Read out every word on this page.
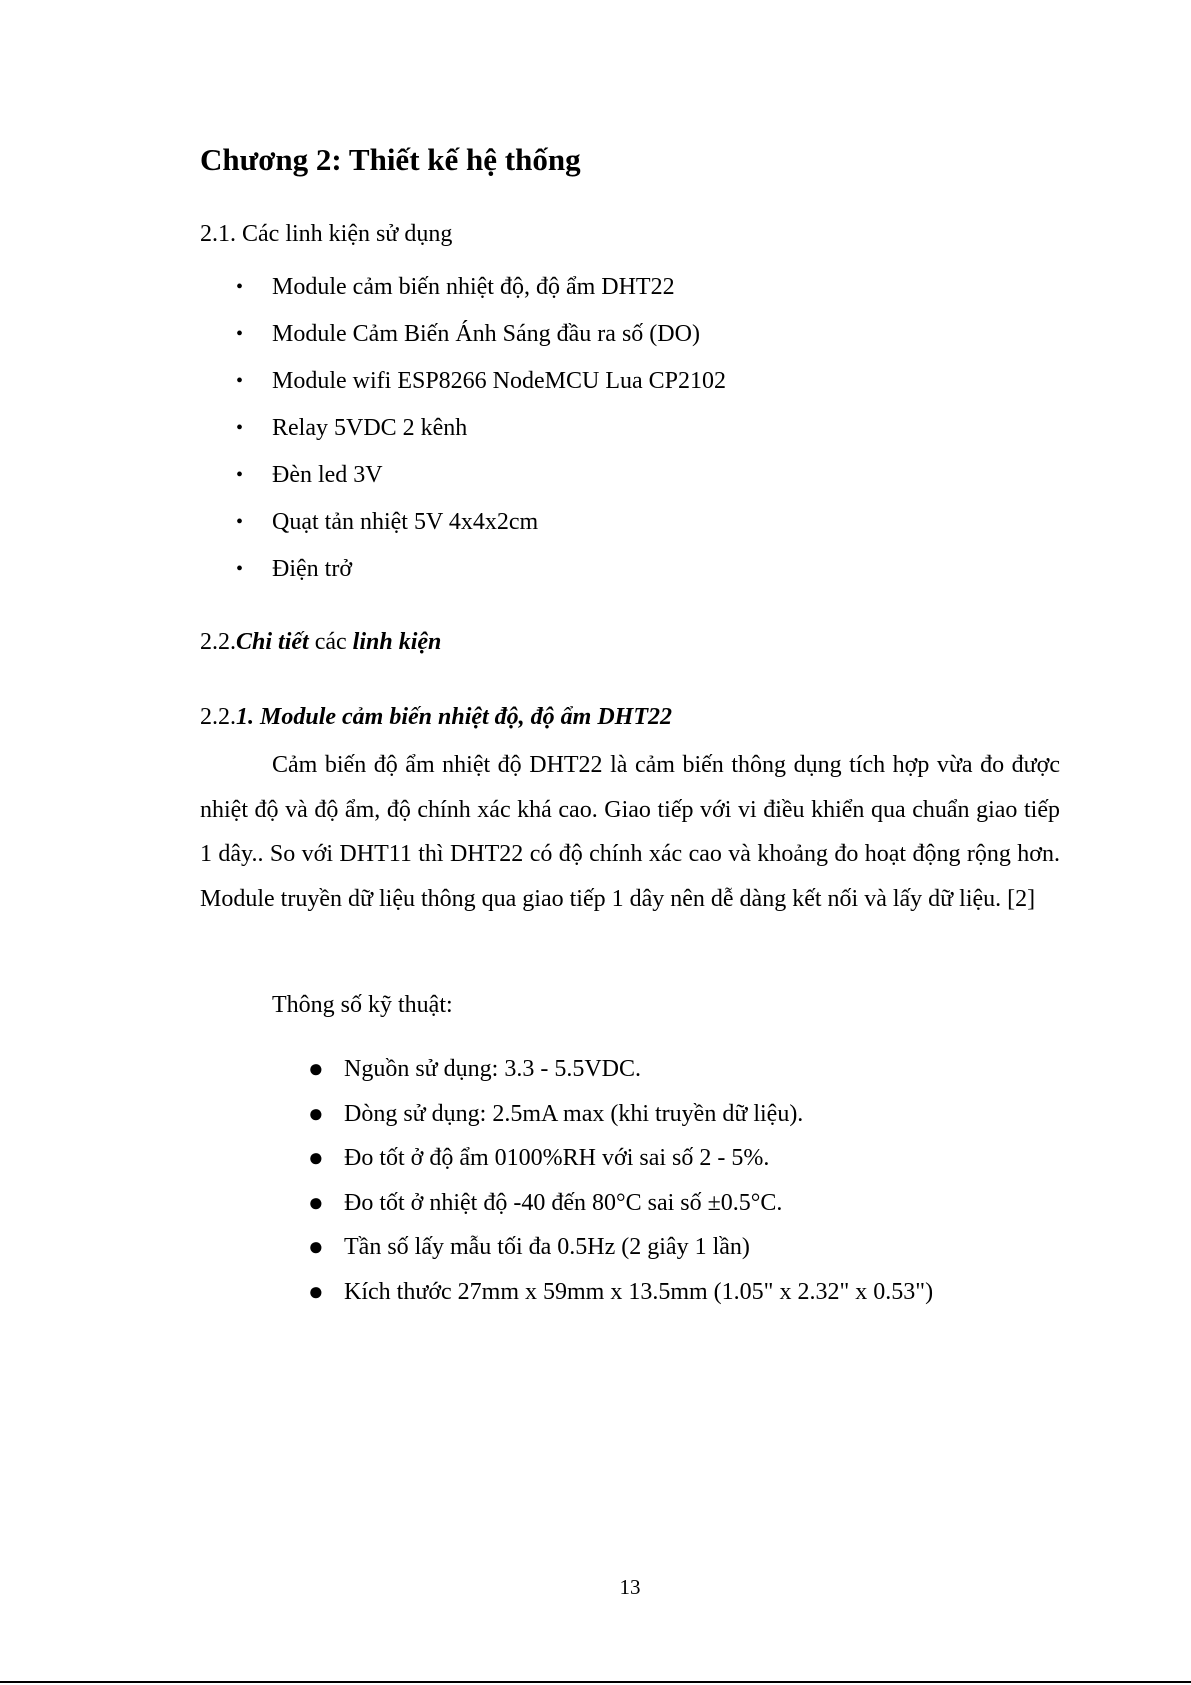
Chương 2: Thiết kế hệ thống

2.1. Các linh kiện sử dụng

• Module cảm biến nhiệt độ, độ ẩm DHT22
• Module Cảm Biến Ánh Sáng đầu ra số (DO)
• Module wifi ESP8266 NodeMCU Lua CP2102
• Relay 5VDC 2 kênh
• Đèn led 3V
• Quạt tản nhiệt 5V 4x4x2cm
• Điện trở

2.2.Chi tiết các linh kiện

2.2.1. Module cảm biến nhiệt độ, độ ẩm DHT22

Cảm biến độ ẩm nhiệt độ DHT22 là cảm biến thông dụng tích hợp vừa đo được nhiệt độ và độ ẩm, độ chính xác khá cao. Giao tiếp với vi điều khiển qua chuẩn giao tiếp 1 dây.. So với DHT11 thì DHT22 có độ chính xác cao và khoảng đo hoạt động rộng hơn. Module truyền dữ liệu thông qua giao tiếp 1 dây nên dễ dàng kết nối và lấy dữ liệu. [2]

Thông số kỹ thuật:

● Nguồn sử dụng: 3.3 - 5.5VDC.
● Dòng sử dụng: 2.5mA max (khi truyền dữ liệu).
● Đo tốt ở độ ẩm 0100%RH với sai số 2 - 5%.
● Đo tốt ở nhiệt độ -40 đến 80°C sai số ±0.5°C.
● Tần số lấy mẫu tối đa 0.5Hz (2 giây 1 lần)
● Kích thước 27mm x 59mm x 13.5mm (1.05" x 2.32" x 0.53")

13
